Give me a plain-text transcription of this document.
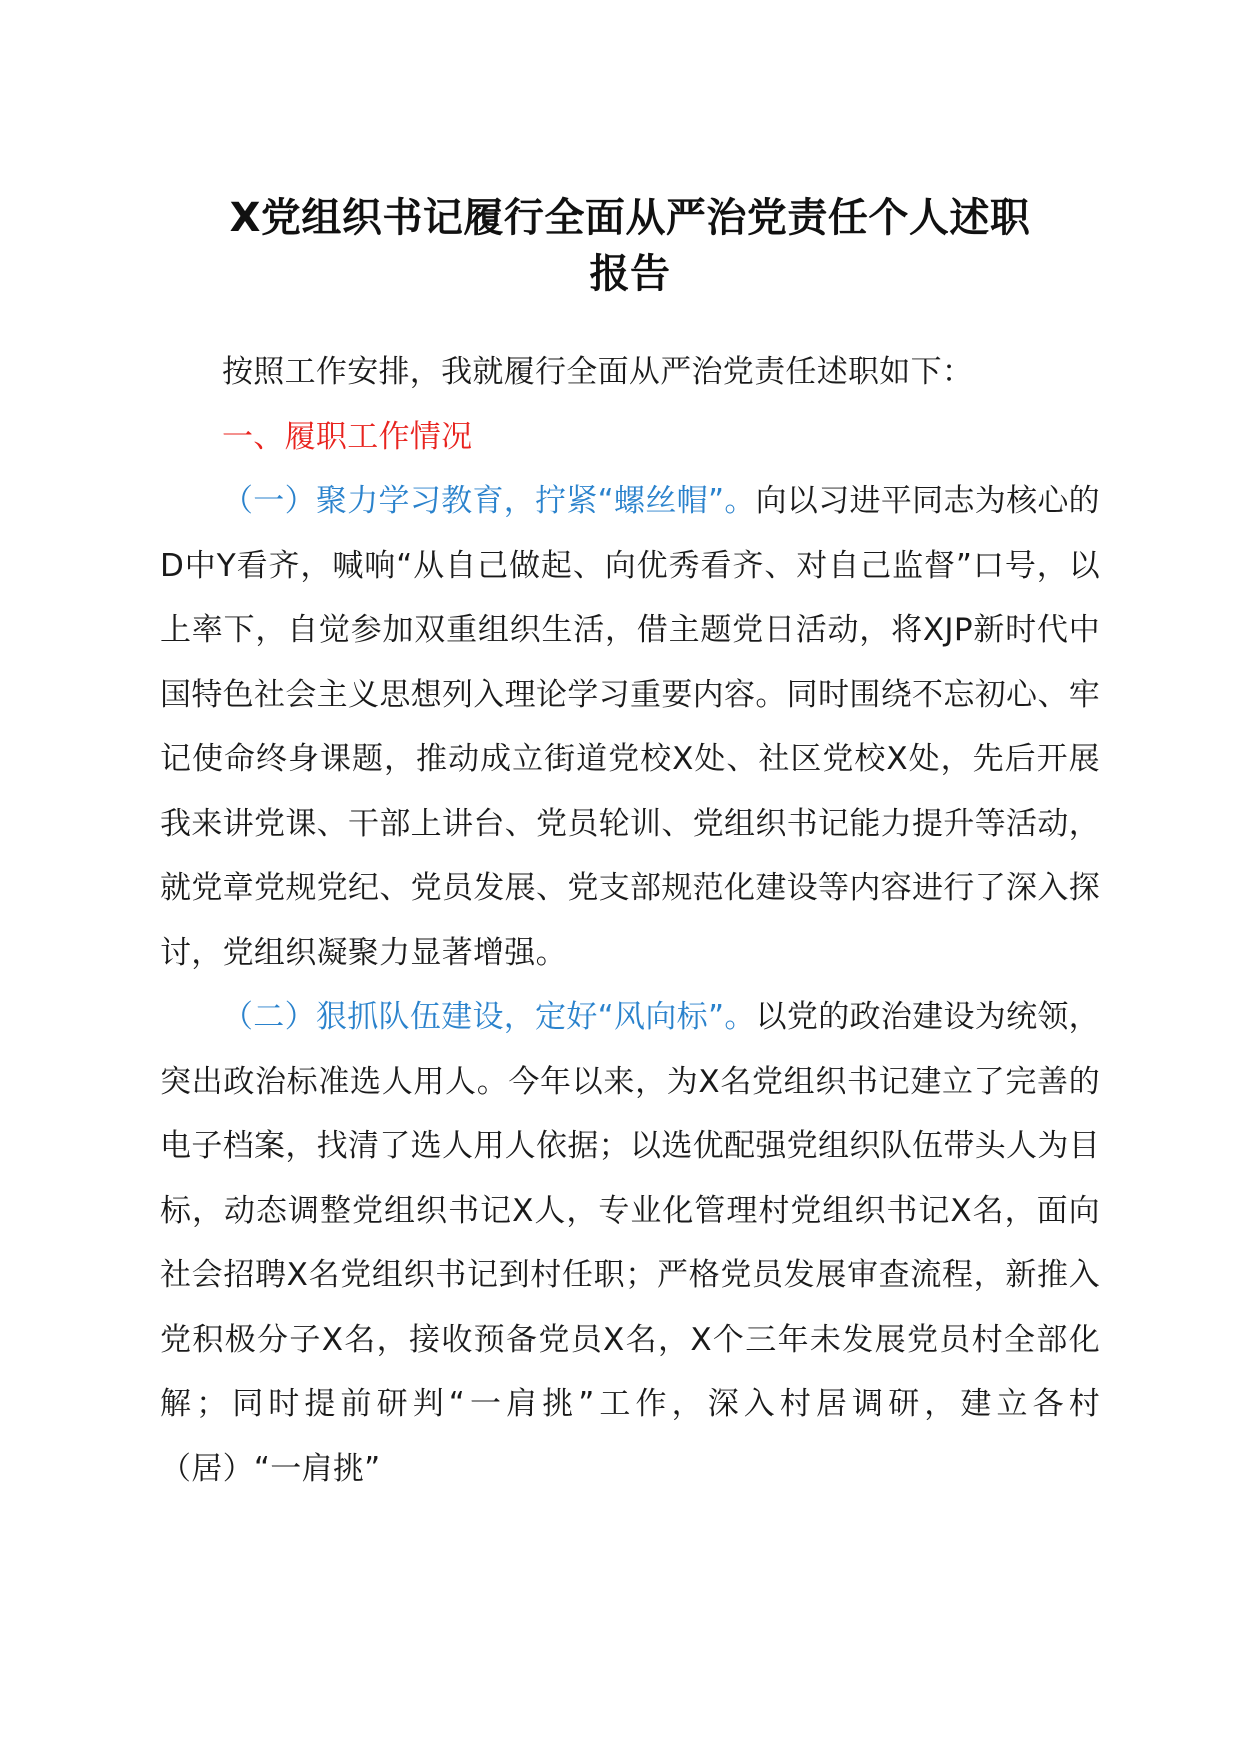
X党组织书记履行全面从严治党责任个人述职
报告

按照工作安排，我就履行全面从严治党责任述职如下：

一、履职工作情况

（一）聚力学习教育，拧紧“螺丝帽”。向以习进平同志为核心的D中Y看齐，喊响“从自己做起、向优秀看齐、对自己监督”口号，以上率下，自觉参加双重组织生活，借主题党日活动，将XJP新时代中国特色社会主义思想列入理论学习重要内容。同时围绕不忘初心、牢记使命终身课题，推动成立街道党校X处、社区党校X处，先后开展我来讲党课、干部上讲台、党员轮训、党组织书记能力提升等活动，就党章党规党纪、党员发展、党支部规范化建设等内容进行了深入探讨，党组织凝聚力显著增强。

（二）狠抓队伍建设，定好“风向标”。以党的政治建设为统领，突出政治标准选人用人。今年以来，为X名党组织书记建立了完善的电子档案，找清了选人用人依据；以选优配强党组织队伍带头人为目标，动态调整党组织书记X人，专业化管理村党组织书记X名，面向社会招聘X名党组织书记到村任职；严格党员发展审查流程，新推入党积极分子X名，接收预备党员X名，X个三年未发展党员村全部化解；同时提前研判“一肩挑”工作，深入村居调研，建立各村（居）“一肩挑”
